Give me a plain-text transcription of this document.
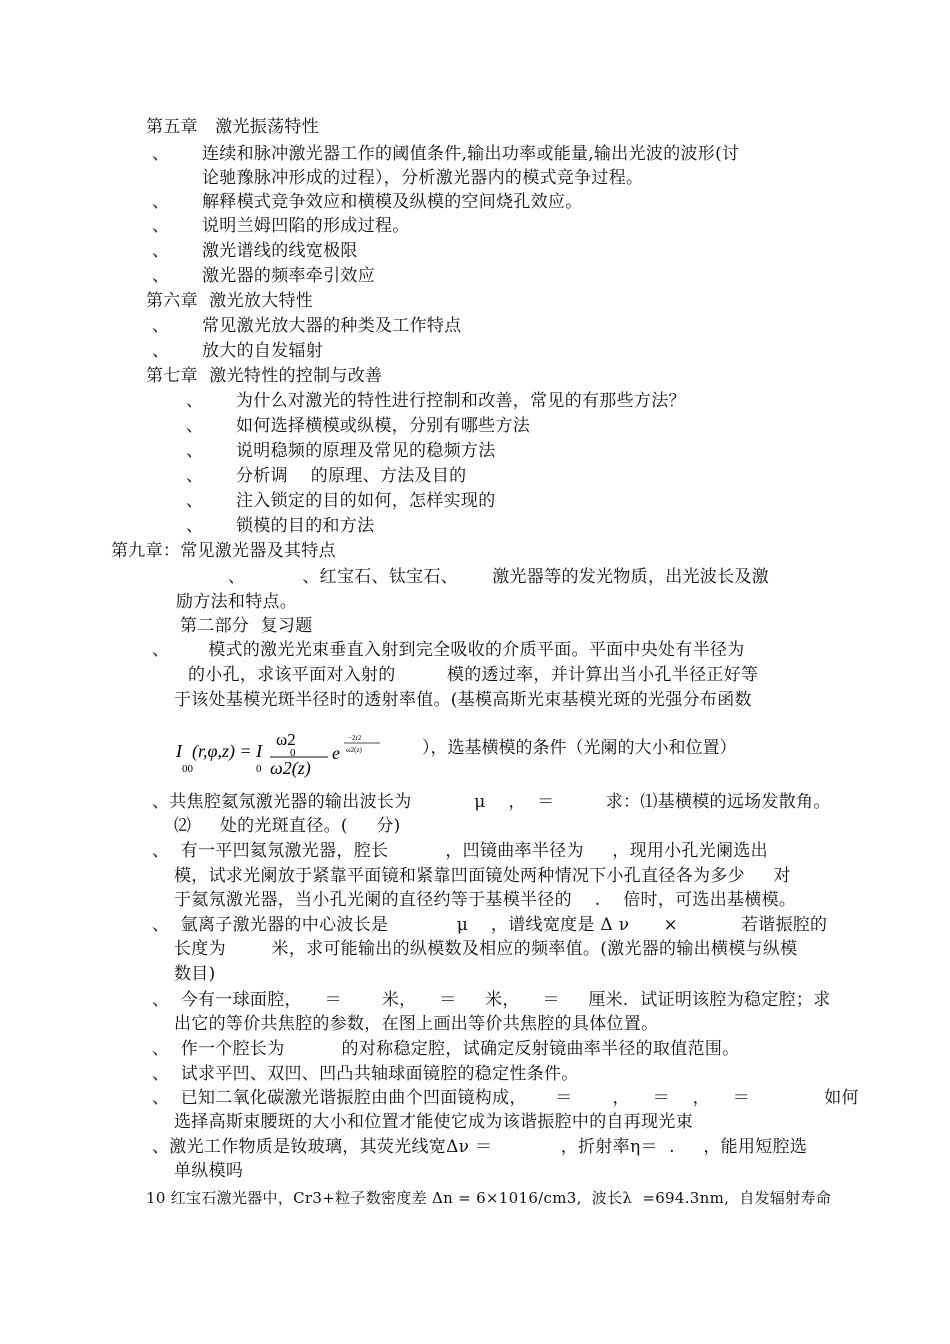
第五章　激光振荡特性
、 连续和脉冲激光器工作的阈值条件,输出功率或能量,输出光波的波形(讨
论驰豫脉冲形成的过程），分析激光器内的模式竞争过程。
、 解释模式竞争效应和横模及纵模的空间烧孔效应。
、 说明兰姆凹陷的形成过程。
、 激光谱线的线宽极限
、 激光器的频率牵引效应
第六章  激光放大特性
、 常见激光放大器的种类及工作特点
、 放大的自发辐射
第七章  激光特性的控制与改善
、 为什么对激光的特性进行控制和改善，常见的有那些方法？
、 如何选择横模或纵模，分别有哪些方法
、 说明稳频的原理及常见的稳频方法
、 分析调    的原理、方法及目的
、 注入锁定的目的如何，怎样实现的
、 锁模的目的和方法
第九章：常见激光器及其特点
、          、红宝石、钛宝石、      激光器等的发光物质，出光波长及激
励方法和特点。
第二部分  复习题
、 模式的激光光束垂直入射到完全吸收的介质平面。平面中央处有半径为
的小孔，求该平面对入射的         模的透过率，并计算出当小孔半径正好等
于该处基模光斑半径时的透射率值。(基模高斯光束基模光斑的光强分布函数
I
00
(r,φ,z) = I
0
ω2
0
ω2(z)
e
−2r2
ω2(z)	），选基横模的条件（光阑的大小和位置）
、共焦腔氦氖激光器的输出波长为           μ    ，  ＝         求：⑴基横模的远场发散角。
⑵     处的光斑直径。(     分)
、  有一平凹氦氖激光器，腔长          ，凹镜曲率半径为     ，现用小孔光阑选出
模，试求光阑放于紧靠平面镜和紧靠凹面镜处两种情况下小孔直径各为多少     对
于氦氖激光器，当小孔光阑的直径约等于基模半径的    .    倍时，可选出基横模。
、  氩离子激光器的中心波长是            μ    ，谱线宽度是 Δ ν      ×           若谐振腔的
长度为        米，求可能输出的纵模数及相应的频率值。(激光器的输出横模与纵模
数目)
、  今有一球面腔，    ＝       米，    ＝     米，    ＝     厘米．试证明该腔为稳定腔；求
出它的等价共焦腔的参数，在图上画出等价共焦腔的具体位置。
、  作一个腔长为          的对称稳定腔，试确定反射镜曲率半径的取值范围。
、  试求平凹、双凹、凹凸共轴球面镜腔的稳定性条件。
、  已知二氧化碳激光谐振腔由曲个凹面镜构成，     ＝       ，    ＝    ，    ＝             如何
选择高斯束腰斑的大小和位置才能使它成为该谐振腔中的自再现光束
、激光工作物质是钕玻璃，其荧光线宽Δν ＝            ，折射率η＝  .     ，能用短腔选
单纵模吗
10 红宝石激光器中，Cr3+粒子数密度差 Δn = 6×1016/cm3,  波长λ  =694.3nm,  自发辐射寿命
